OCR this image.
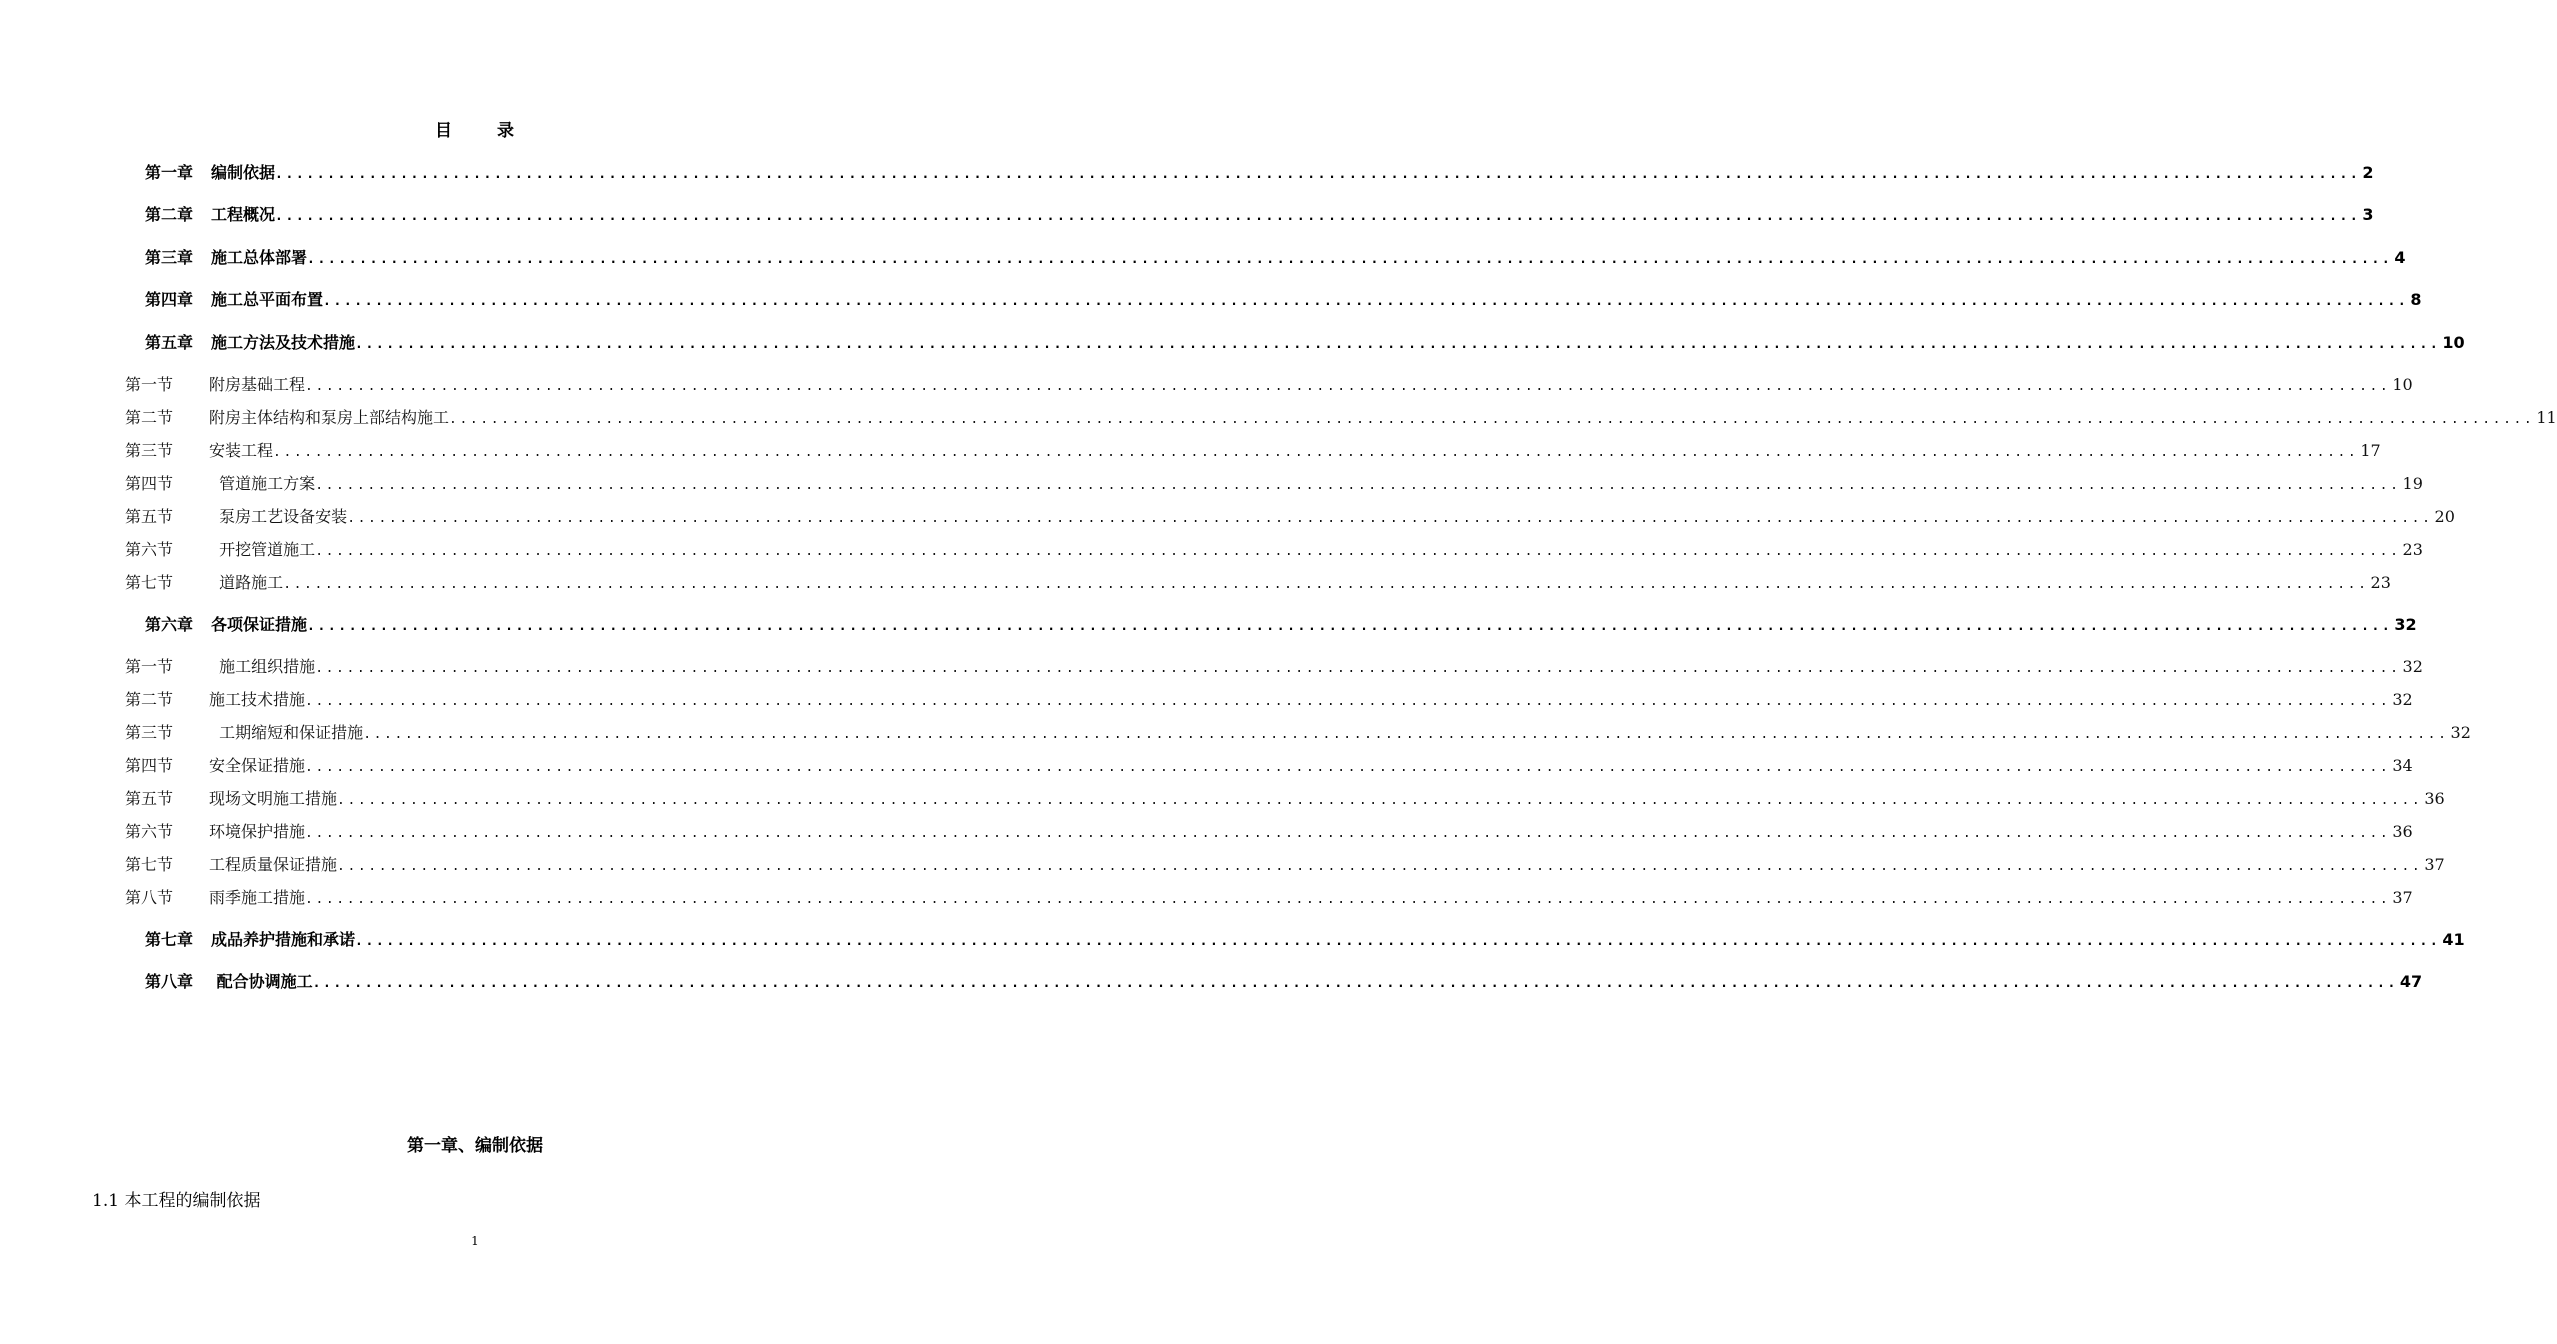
目	录
第一章	编制依据 ........................................................................................................................................................................................................ 2
第二章	工程概况 ........................................................................................................................................................................................................ 3
第三章	施工总体部署 ........................................................................................................................................................................................................ 4
第四章	施工总平面布置 ........................................................................................................................................................................................................ 8
第五章	施工方法及技术措施 ........................................................................................................................................................................................................ 10
第一节	附房基础工程 ........................................................................................................................................................................................................ 10
第二节	附房主体结构和泵房上部结构施工 ........................................................................................................................................................................................................ 11
第三节	安装工程 ........................................................................................................................................................................................................ 17
第四节	管道施工方案 ........................................................................................................................................................................................................ 19
第五节	泵房工艺设备安装 ........................................................................................................................................................................................................ 20
第六节	开挖管道施工 ........................................................................................................................................................................................................ 23
第七节	道路施工 ........................................................................................................................................................................................................ 23
第六章	各项保证措施 ........................................................................................................................................................................................................ 32
第一节	施工组织措施 ........................................................................................................................................................................................................ 32
第二节	施工技术措施 ........................................................................................................................................................................................................ 32
第三节	工期缩短和保证措施 ........................................................................................................................................................................................................ 32
第四节	安全保证措施 ........................................................................................................................................................................................................ 34
第五节	现场文明施工措施 ........................................................................................................................................................................................................ 36
第六节	环境保护措施 ........................................................................................................................................................................................................ 36
第七节	工程质量保证措施 ........................................................................................................................................................................................................ 37
第八节	雨季施工措施 ........................................................................................................................................................................................................ 37
第七章	成品养护措施和承诺 ........................................................................................................................................................................................................ 41
第八章	配合协调施工 ........................................................................................................................................................................................................ 47
第一章、编制依据
1.1 本工程的编制依据
1
